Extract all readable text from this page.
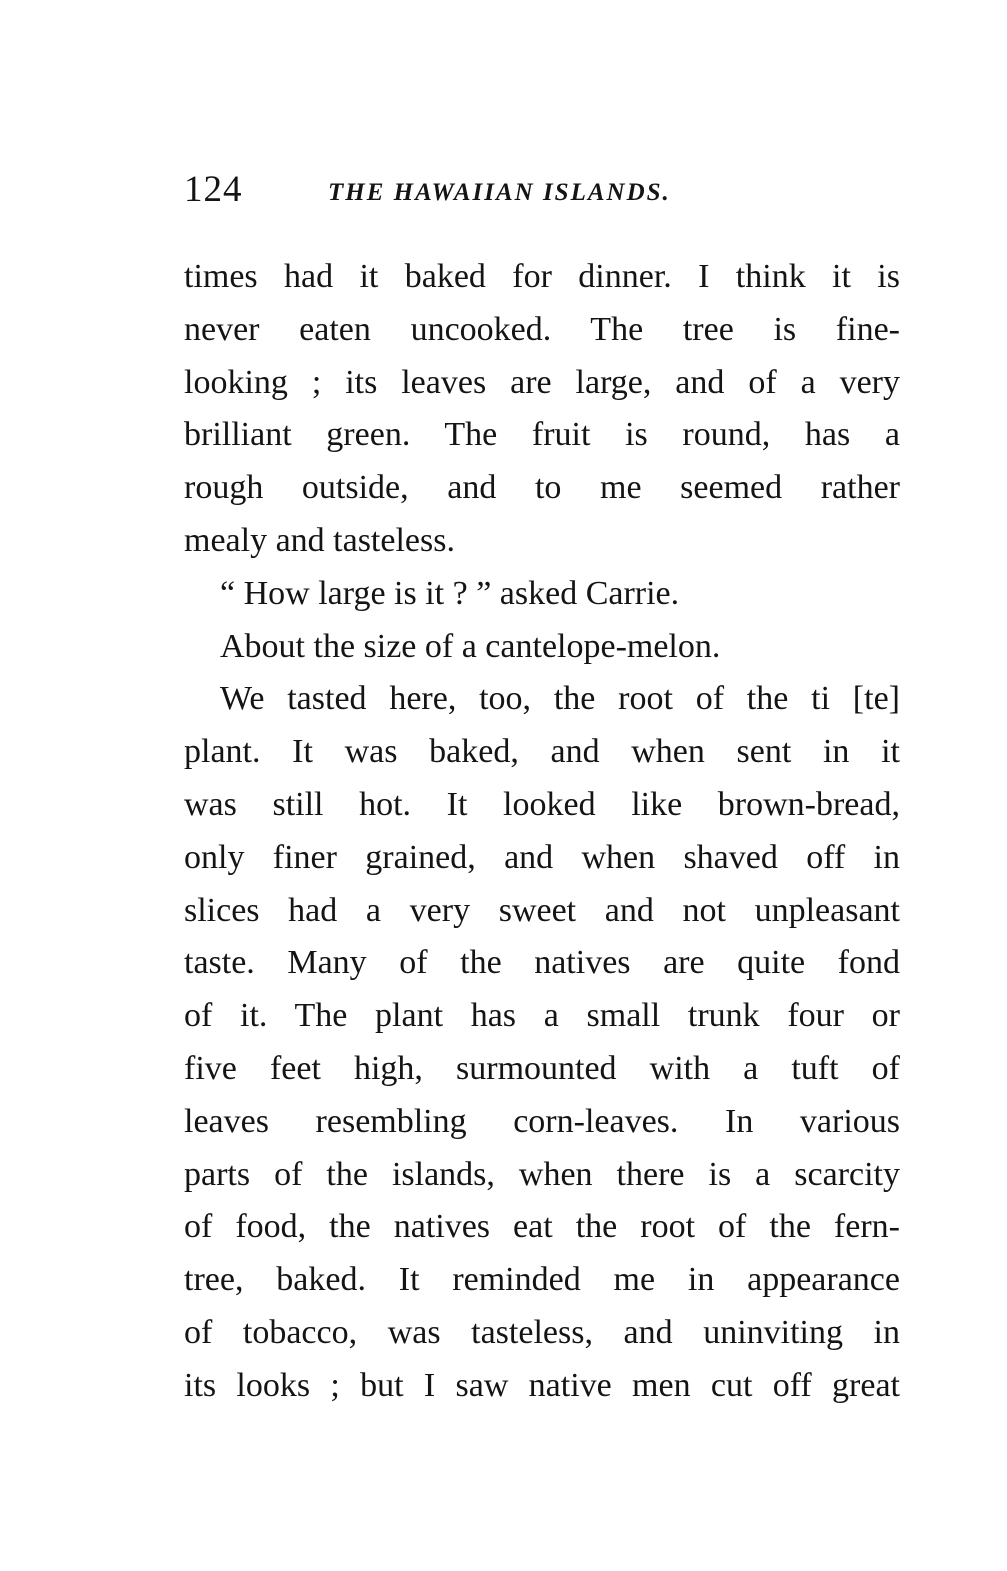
124	THE HAWAIIAN ISLANDS.
times had it baked for dinner. I think it is
never eaten uncooked. The tree is fine-
looking ; its leaves are large, and of a very
brilliant green. The fruit is round, has a
rough outside, and to me seemed rather
mealy and tasteless.
“ How large is it ? ” asked Carrie.
About the size of a cantelope-melon.
We tasted here, too, the root of the ti [te]
plant. It was baked, and when sent in it
was still hot. It looked like brown-bread,
only finer grained, and when shaved off in
slices had a very sweet and not unpleasant
taste. Many of the natives are quite fond
of it. The plant has a small trunk four or
five feet high, surmounted with a tuft of
leaves resembling corn-leaves. In various
parts of the islands, when there is a scarcity
of food, the natives eat the root of the fern-
tree, baked. It reminded me in appearance
of tobacco, was tasteless, and uninviting in
its looks ; but I saw native men cut off great
